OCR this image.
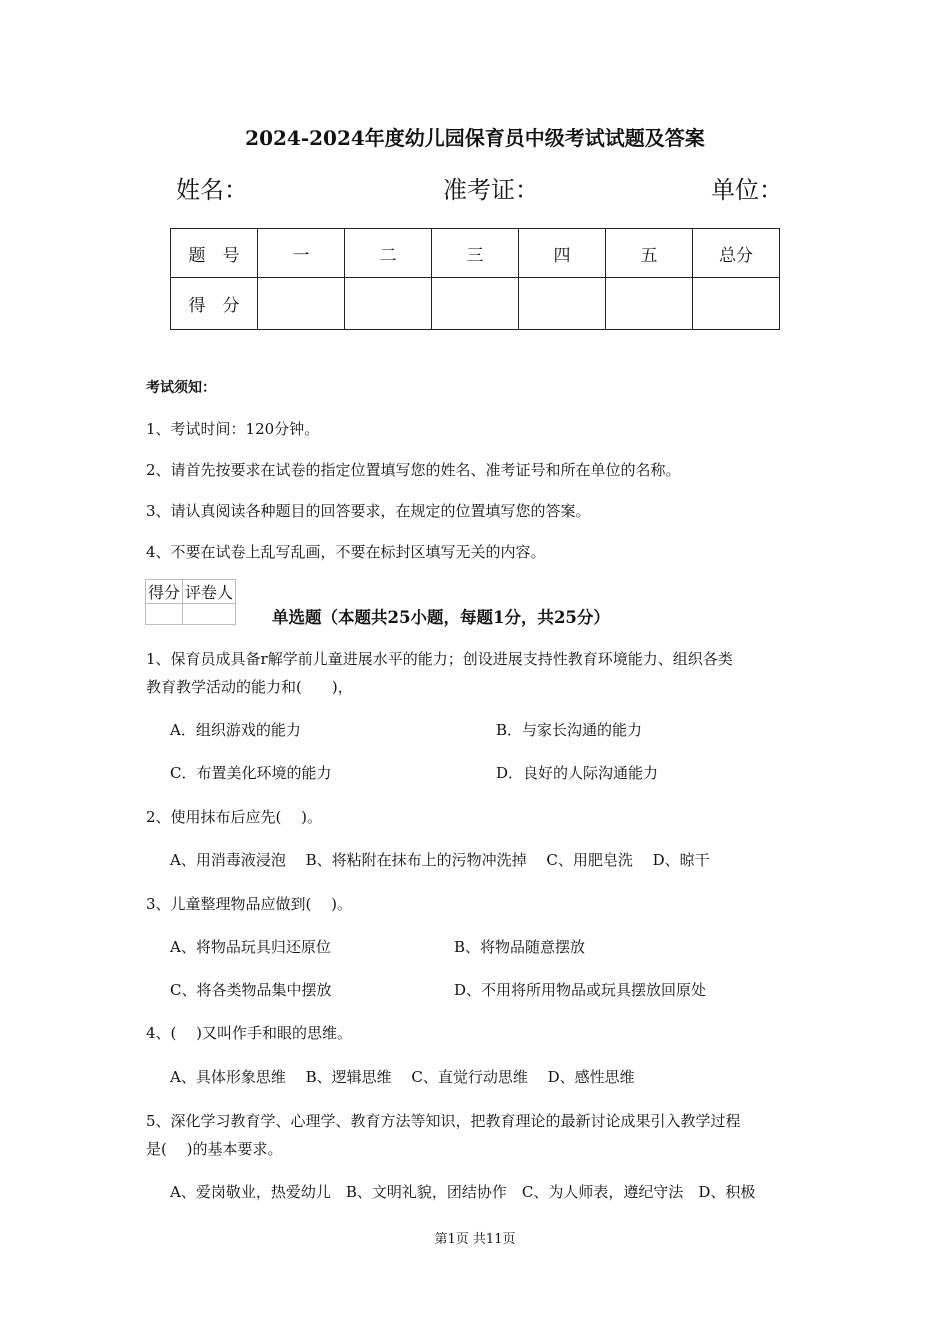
2024-2024年度幼儿园保育员中级考试试题及答案
姓名：	准考证：	单位：
题　号	一	二	三	四	五	总分
得　分						
考试须知：
1、考试时间：120分钟。
2、请首先按要求在试卷的指定位置填写您的姓名、准考证号和所在单位的名称。
3、请认真阅读各种题目的回答要求，在规定的位置填写您的答案。
4、不要在试卷上乱写乱画，不要在标封区填写无关的内容。
得分	评卷人

单选题（本题共25小题，每题1分，共25分）
1、保育员成具备r解学前儿童进展水平的能力；创设进展支持性教育环境能力、组织各类
教育教学活动的能力和(　　)，
A．组织游戏的能力	B．与家长沟通的能力
C．布置美化环境的能力	D．良好的人际沟通能力
2、使用抹布后应先(　 )。
A、用消毒液浸泡　 B、将粘附在抹布上的污物冲洗掉　 C、用肥皂洗　 D、晾干
3、儿童整理物品应做到(　 )。
A、将物品玩具归还原位	B、将物品随意摆放
C、将各类物品集中摆放	D、不用将所用物品或玩具摆放回原处
4、(　 )又叫作手和眼的思维。
A、具体形象思维　 B、逻辑思维　 C、直觉行动思维　 D、感性思维
5、深化学习教育学、心理学、教育方法等知识，把教育理论的最新讨论成果引入教学过程
是(　 )的基本要求。
A、爱岗敬业，热爱幼儿　B、文明礼貌，团结协作　C、为人师表，遵纪守法　D、积极
第1页 共11页
